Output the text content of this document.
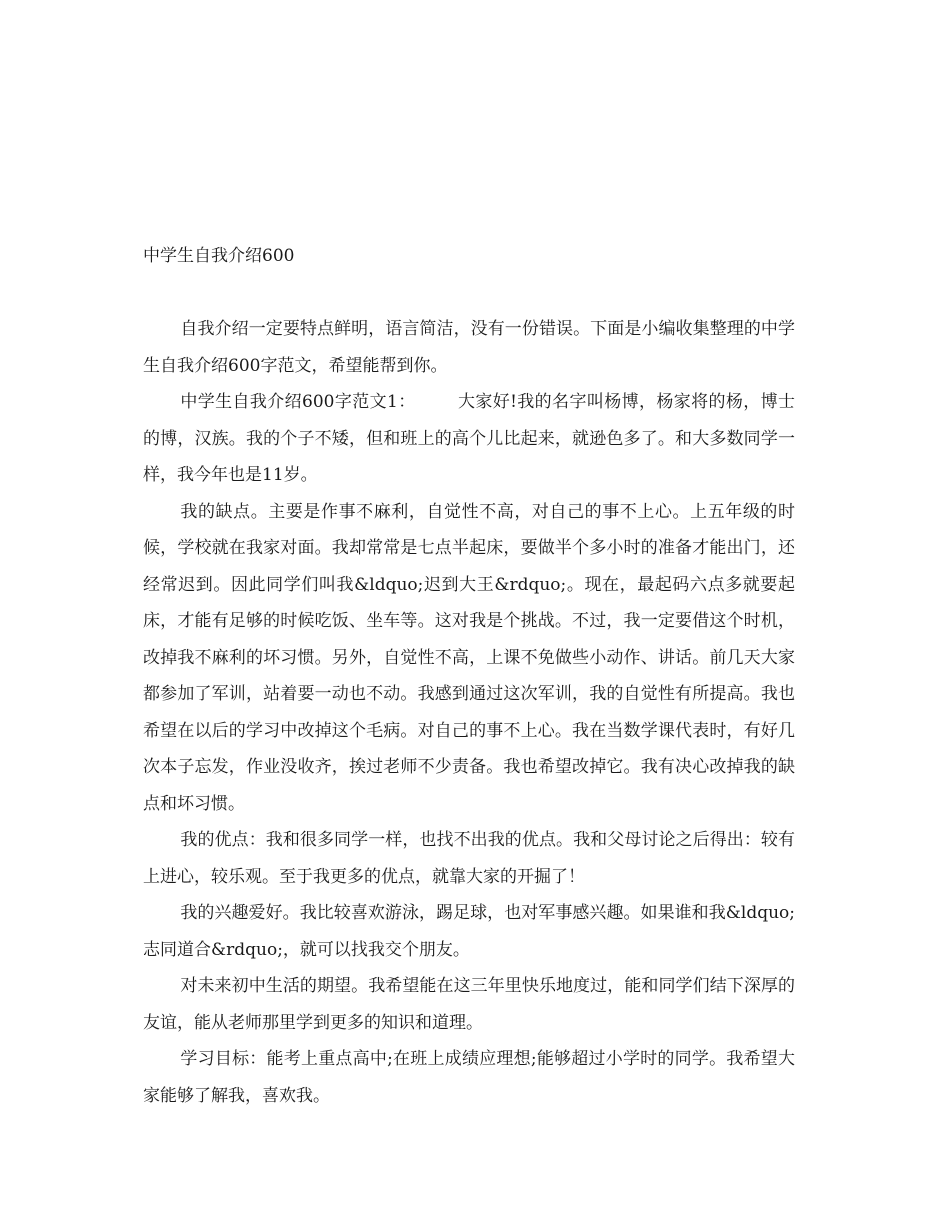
中学生自我介绍600

自我介绍一定要特点鲜明，语言简洁，没有一份错误。下面是小编收集整理的中学生自我介绍600字范文，希望能帮到你。

中学生自我介绍600字范文1： 大家好!我的名字叫杨博，杨家将的杨，博士的博，汉族。我的个子不矮，但和班上的高个儿比起来，就逊色多了。和大多数同学一样，我今年也是11岁。

我的缺点。主要是作事不麻利，自觉性不高，对自己的事不上心。上五年级的时候，学校就在我家对面。我却常常是七点半起床，要做半个多小时的准备才能出门，还经常迟到。因此同学们叫我&ldquo;迟到大王&rdquo;。现在，最起码六点多就要起床，才能有足够的时候吃饭、坐车等。这对我是个挑战。不过，我一定要借这个时机，改掉我不麻利的坏习惯。另外，自觉性不高，上课不免做些小动作、讲话。前几天大家都参加了军训，站着要一动也不动。我感到通过这次军训，我的自觉性有所提高。我也希望在以后的学习中改掉这个毛病。对自己的事不上心。我在当数学课代表时，有好几次本子忘发，作业没收齐，挨过老师不少责备。我也希望改掉它。我有决心改掉我的缺点和坏习惯。

我的优点：我和很多同学一样，也找不出我的优点。我和父母讨论之后得出：较有上进心，较乐观。至于我更多的优点，就靠大家的开掘了！

我的兴趣爱好。我比较喜欢游泳，踢足球，也对军事感兴趣。如果谁和我&ldquo;志同道合&rdquo;，就可以找我交个朋友。

对未来初中生活的期望。我希望能在这三年里快乐地度过，能和同学们结下深厚的友谊，能从老师那里学到更多的知识和道理。

学习目标：能考上重点高中;在班上成绩应理想;能够超过小学时的同学。我希望大家能够了解我，喜欢我。
